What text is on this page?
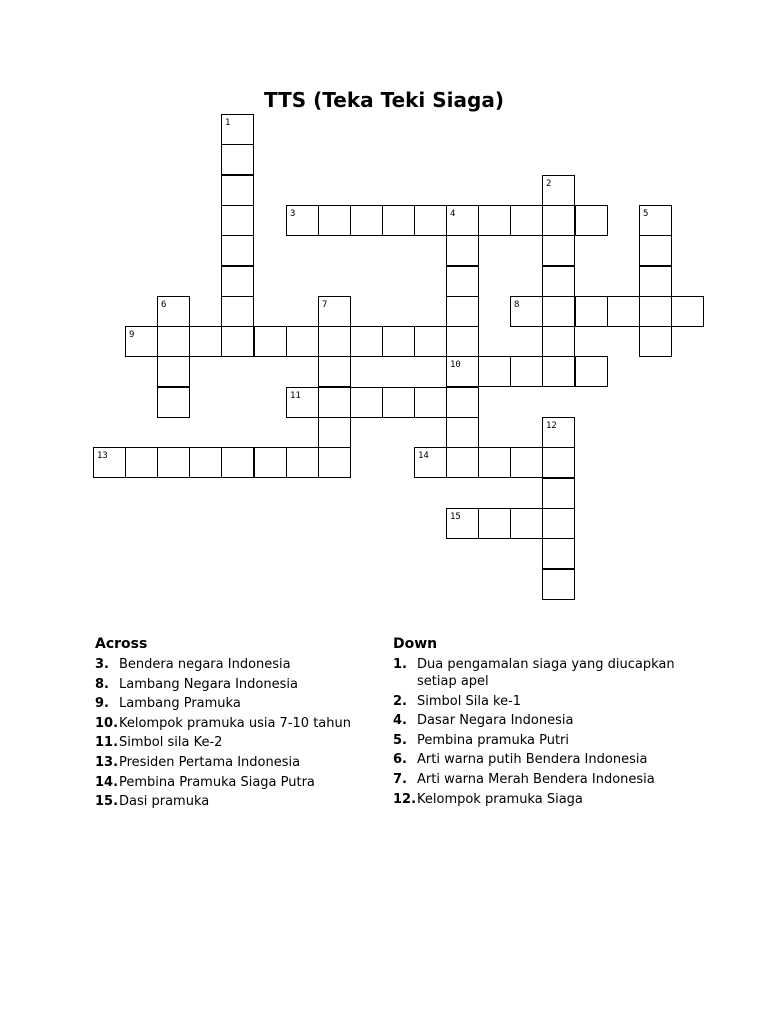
TTS (Teka Teki Siaga)
1
2
3	4
10
5
6	7	8
9
11
12
13	14
15
Across
3. Bendera negara Indonesia
8. Lambang Negara Indonesia
9. Lambang Pramuka
10. Kelompok pramuka usia 7-10 tahun
11. Simbol sila Ke-2
13. Presiden Pertama Indonesia
14. Pembina Pramuka Siaga Putra
15. Dasi pramuka
Down
1. Dua pengamalan siaga yang diucapkan setiap apel
2. Simbol Sila ke-1
4. Dasar Negara Indonesia
5. Pembina pramuka Putri
6. Arti warna putih Bendera Indonesia
7. Arti warna Merah Bendera Indonesia
12. Kelompok pramuka Siaga
